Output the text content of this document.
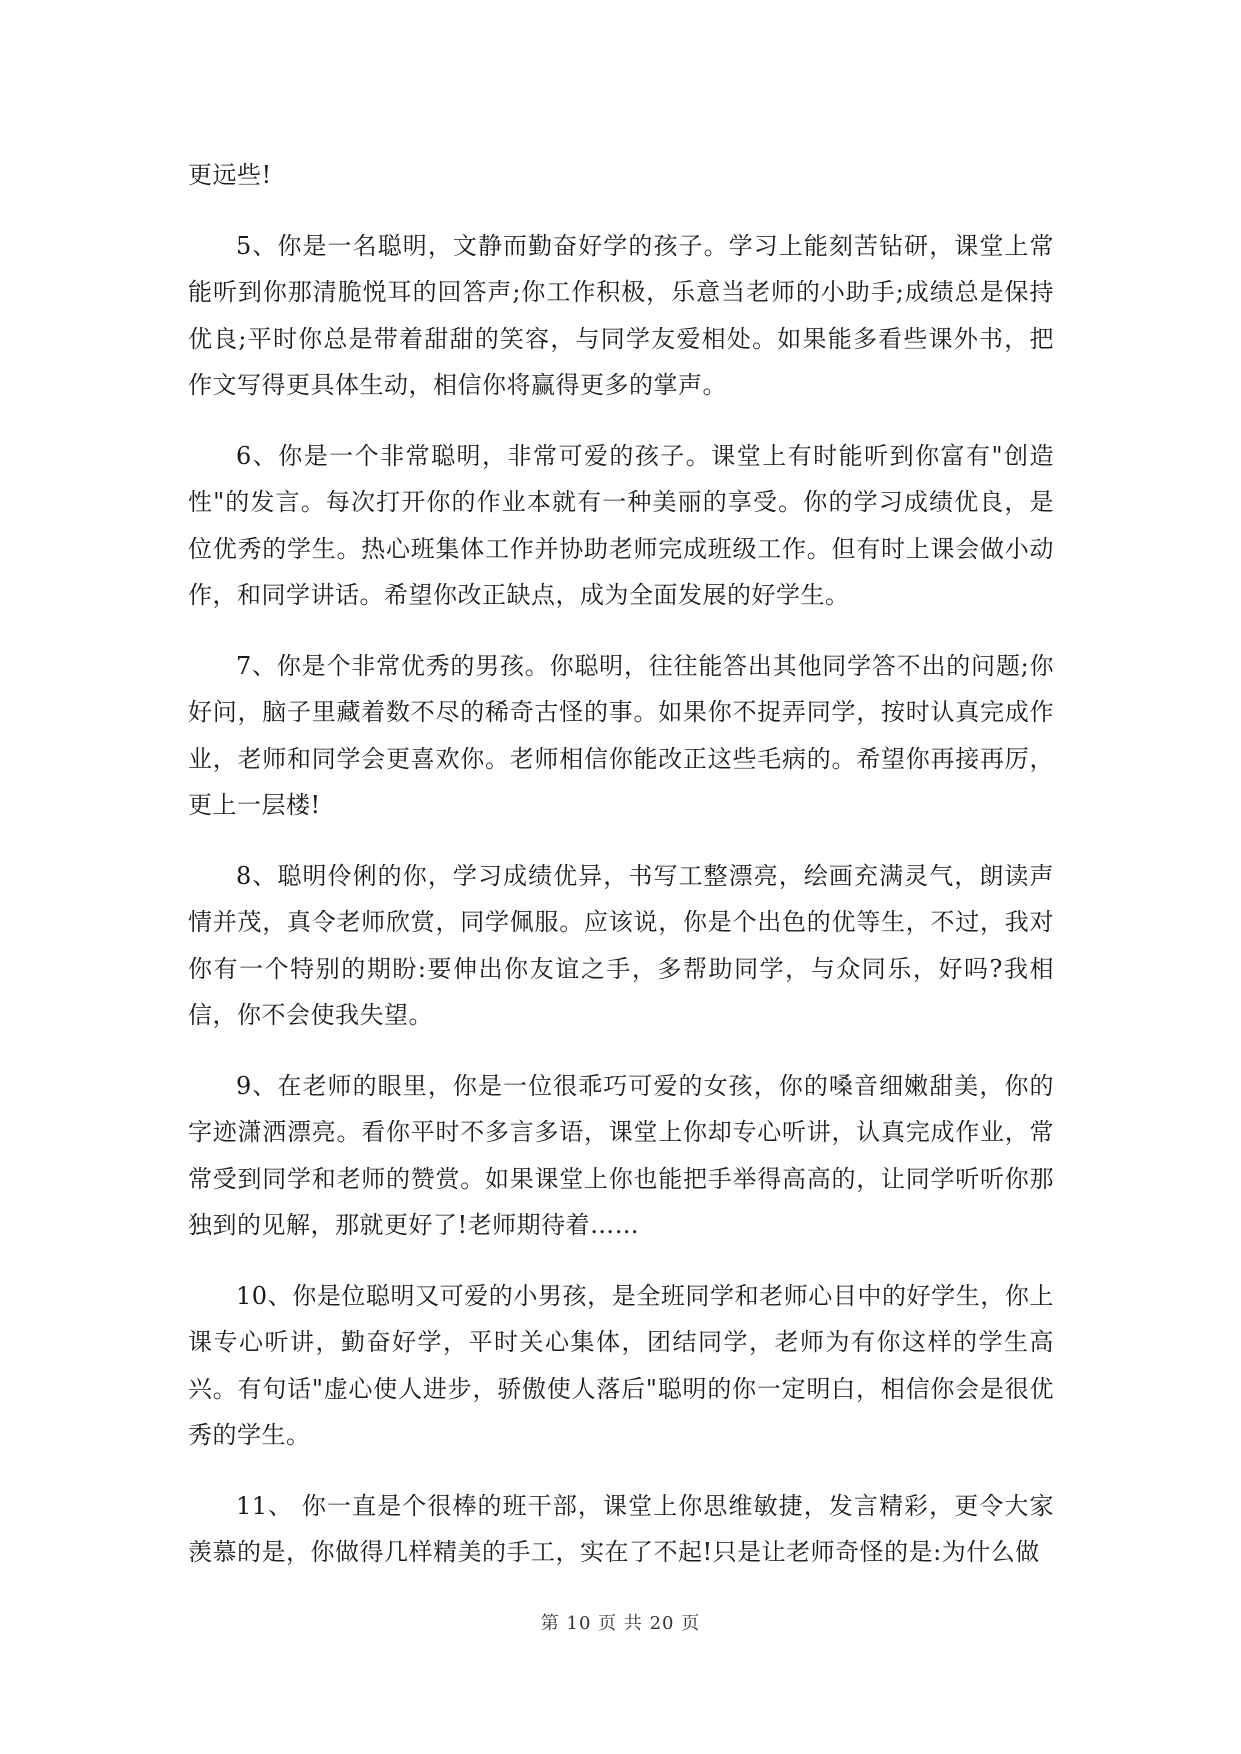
更远些!

5、你是一名聪明，文静而勤奋好学的孩子。学习上能刻苦钻研，课堂上常能听到你那清脆悦耳的回答声;你工作积极，乐意当老师的小助手;成绩总是保持优良;平时你总是带着甜甜的笑容，与同学友爱相处。如果能多看些课外书，把作文写得更具体生动，相信你将赢得更多的掌声。

6、你是一个非常聪明，非常可爱的孩子。课堂上有时能听到你富有"创造性"的发言。每次打开你的作业本就有一种美丽的享受。你的学习成绩优良，是位优秀的学生。热心班集体工作并协助老师完成班级工作。但有时上课会做小动作，和同学讲话。希望你改正缺点，成为全面发展的好学生。

7、你是个非常优秀的男孩。你聪明，往往能答出其他同学答不出的问题;你好问，脑子里藏着数不尽的稀奇古怪的事。如果你不捉弄同学，按时认真完成作业，老师和同学会更喜欢你。老师相信你能改正这些毛病的。希望你再接再厉，更上一层楼!

8、聪明伶俐的你，学习成绩优异，书写工整漂亮，绘画充满灵气，朗读声情并茂，真令老师欣赏，同学佩服。应该说，你是个出色的优等生，不过，我对你有一个特别的期盼:要伸出你友谊之手，多帮助同学，与众同乐，好吗?我相信，你不会使我失望。

9、在老师的眼里，你是一位很乖巧可爱的女孩，你的嗓音细嫩甜美，你的字迹潇洒漂亮。看你平时不多言多语，课堂上你却专心听讲，认真完成作业，常常受到同学和老师的赞赏。如果课堂上你也能把手举得高高的，让同学听听你那独到的见解，那就更好了!老师期待着……

10、你是位聪明又可爱的小男孩，是全班同学和老师心目中的好学生，你上课专心听讲，勤奋好学，平时关心集体，团结同学，老师为有你这样的学生高兴。有句话"虚心使人进步，骄傲使人落后"聪明的你一定明白，相信你会是很优秀的学生。

11、 你一直是个很棒的班干部，课堂上你思维敏捷，发言精彩，更令大家羡慕的是，你做得几样精美的手工，实在了不起!只是让老师奇怪的是:为什么做

第 10 页 共 20 页
